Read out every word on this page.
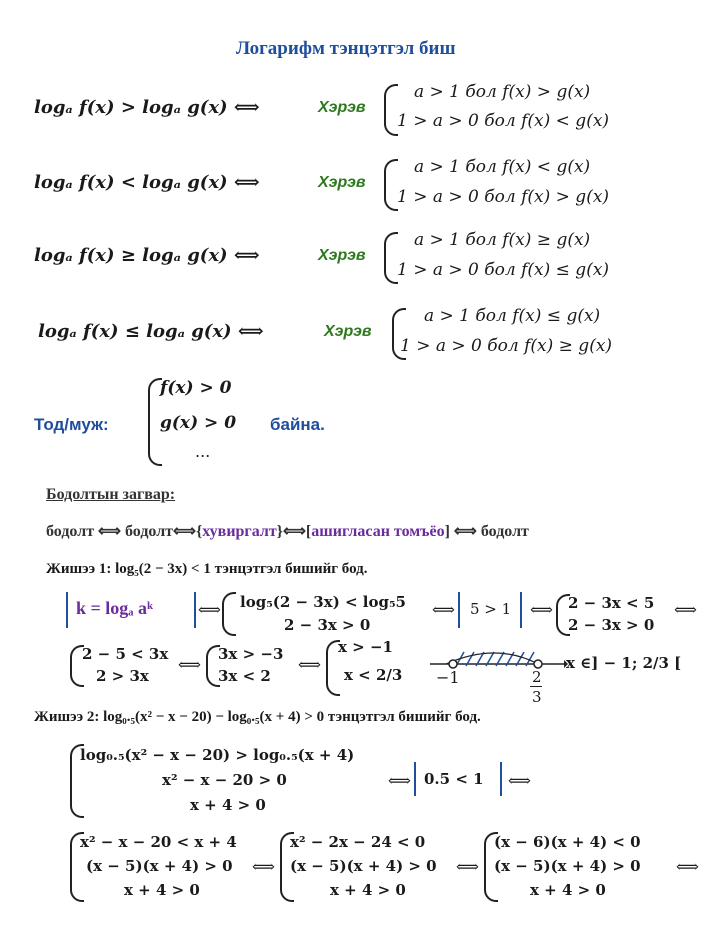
Логарифм тэнцэтгэл биш
logₐ f(x) > logₐ g(x) ⟺	Хэрэв
a > 1 бол f(x) > g(x)
1 > a > 0 бол f(x) < g(x)
logₐ f(x) < logₐ g(x) ⟺	Хэрэв
a > 1 бол f(x) < g(x)
1 > a > 0 бол f(x) > g(x)
logₐ f(x) ≥ logₐ g(x) ⟺	Хэрэв
a > 1 бол f(x) ≥ g(x)
1 > a > 0 бол f(x) ≤ g(x)
logₐ f(x) ≤ logₐ g(x) ⟺	Хэрэв
a > 1 бол f(x) ≤ g(x)
1 > a > 0 бол f(x) ≥ g(x)
Тод/муж:
f(x) > 0
g(x) > 0
...
байна.
Бодолтын загвар:
бодолт ⟺ бодолт⟺{хувиргалт}⟺[ашигласан томъёо] ⟺ бодолт
Жишээ 1: log₅(2 − 3x) < 1 тэнцэтгэл бишийг бод.
k = logₐ aᵏ	⟺ log₅(2 − 3x) < log₅5
2 − 3x > 0
⟺ 5 > 1 ⟺ 2 − 3x < 5
2 − 3x > 0
⟺
2 − 5 < 3x
2 > 3x
⟺
3x > −3
3x < 2
⟺
x > −1
x < 2/3 −1	2
3
x ∈] − 1; 2/3 [
Жишээ 2: log₀.₅(x² − x − 20) − log₀.₅(x + 4) > 0 тэнцэтгэл бишийг бод.
log₀.₅(x² − x − 20) > log₀.₅(x + 4)
x² − x − 20 > 0
x + 4 > 0
⟺ 0.5 < 1 ⟺
x² − x − 20 < x + 4
(x − 5)(x + 4) > 0
x + 4 > 0
⟺
x² − 2x − 24 < 0
(x − 5)(x + 4) > 0
x + 4 > 0
⟺
(x − 6)(x + 4) < 0
(x − 5)(x + 4) > 0
x + 4 > 0
⟺
